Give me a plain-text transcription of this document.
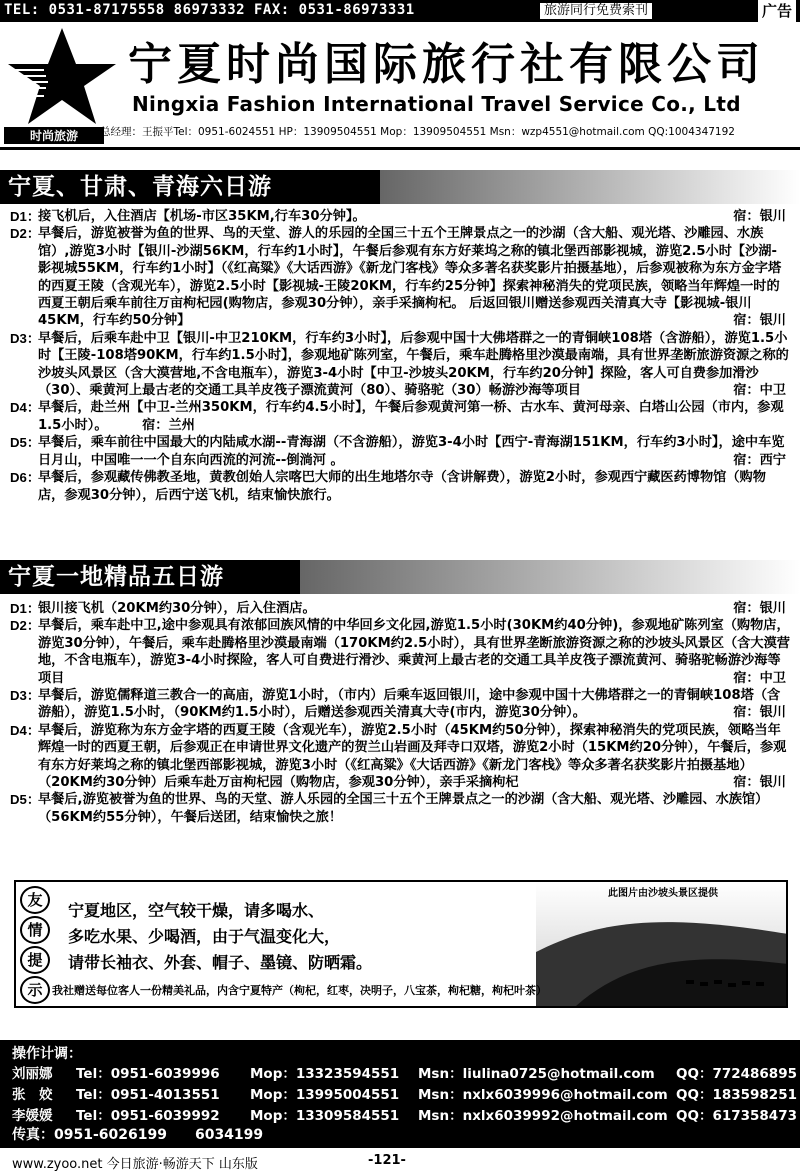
TEL: 0531-87175558 86973332 FAX: 0531-86973331	旅游同行免费索刊	广告
时尚旅游
宁夏时尚国际旅行社有限公司
Ningxia Fashion International Travel Service Co., Ltd
总经理：王振平Tel：0951-6024551 HP：13909504551 Mop：13909504551 Msn：wzp4551@hotmail.com QQ:1004347192
宁夏、甘肃、青海六日游
D1：
接飞机后，入住酒店【机场-市区35KM,行车30分钟】。	宿：银川
D2：
早餐后，游览被誉为鱼的世界、鸟的天堂、游人的乐园的全国三十五个王牌景点之一的沙湖（含大船、观光塔、沙雕园、水族馆）,游览3小时【银川-沙湖56KM，行车约1小时】，午餐后参观有东方好莱坞之称的镇北堡西部影视城，游览2.5小时【沙湖-影视城55KM，行车约1小时】（《红高粱》《大话西游》《新龙门客栈》等众多著名获奖影片拍摄基地），后参观被称为东方金字塔的西夏王陵（含观光车），游览2.5小时【影视城-王陵20KM，行车约25分钟】探索神秘消失的党项民族，领略当年辉煌一时的西夏王朝后乘车前往万亩枸杞园(购物店，参观30分钟），亲手采摘枸杞。 后返回银川赠送参观西关清真大寺【影视城-银川45KM，行车约50分钟】	宿：银川
D3：
早餐后，后乘车赴中卫【银川-中卫210KM，行车约3小时】，后参观中国十大佛塔群之一的青铜峡108塔（含游船），游览1.5小时【王陵-108塔90KM，行车约1.5小时】，参观地矿陈列室，午餐后，乘车赴腾格里沙漠最南端，具有世界垄断旅游资源之称的沙坡头风景区（含大漠营地,不含电瓶车），游览3-4小时【中卫-沙坡头20KM，行车约20分钟】探险，客人可自费参加滑沙（30）、乘黄河上最古老的交通工具羊皮筏子漂流黄河（80）、骑骆驼（30）畅游沙海等项目	宿：中卫
D4：
早餐后，赴兰州【中卫-兰州350KM，行车约4.5小时】，午餐后参观黄河第一桥、古水车、黄河母亲、白塔山公园（市内，参观1.5小时）。	宿：兰州
D5：
早餐后，乘车前往中国最大的内陆咸水湖--青海湖（不含游船），游览3-4小时【西宁-青海湖151KM，行车约3小时】，途中车览日月山，中国唯一一个自东向西流的河流--倒淌河 。	宿：西宁
D6：
早餐后，参观藏传佛教圣地，黄教创始人宗喀巴大师的出生地塔尔寺（含讲解费），游览2小时，参观西宁藏医药博物馆（购物店，参观30分钟），后西宁送飞机，结束愉快旅行。
宁夏一地精品五日游
D1：
银川接飞机（20KM约30分钟），后入住酒店。	宿：银川
D2：
早餐后，乘车赴中卫,途中参观具有浓郁回族风情的中华回乡文化园,游览1.5小时(30KM约40分钟)，参观地矿陈列室（购物店，游览30分钟），午餐后，乘车赴腾格里沙漠最南端（170KM约2.5小时），具有世界垄断旅游资源之称的沙坡头风景区（含大漠营地，不含电瓶车），游览3-4小时探险，客人可自费进行滑沙、乘黄河上最古老的交通工具羊皮筏子漂流黄河、骑骆驼畅游沙海等项目	宿：中卫
D3：
早餐后，游览儒释道三教合一的高庙，游览1小时，（市内）后乘车返回银川，途中参观中国十大佛塔群之一的青铜峡108塔（含游船），游览1.5小时，（90KM约1.5小时），后赠送参观西关清真大寺(市内，游览30分钟）。	宿：银川
D4：
早餐后，游览称为东方金字塔的西夏王陵（含观光车），游览2.5小时（45KM约50分钟），探索神秘消失的党项民族，领略当年辉煌一时的西夏王朝，后参观正在申请世界文化遗产的贺兰山岩画及拜寺口双塔，游览2小时（15KM约20分钟），午餐后，参观有东方好莱坞之称的镇北堡西部影视城，游览3小时（《红高粱》《大话西游》《新龙门客栈》等众多著名获奖影片拍摄基地）（20KM约30分钟）后乘车赴万亩枸杞园（购物店，参观30分钟），亲手采摘枸杞	宿：银川
D5：
早餐后,游览被誉为鱼的世界、鸟的天堂、游人乐园的全国三十五个王牌景点之一的沙湖（含大船、观光塔、沙雕园、水族馆）（56KM约55分钟），午餐后送团，结束愉快之旅！
此图片由沙坡头景区提供
友
情
提
示
宁夏地区，空气较干燥，请多喝水、
多吃水果、少喝酒，由于气温变化大，
请带长袖衣、外套、帽子、墨镜、防晒霜。
我社赠送每位客人一份精美礼品，内含宁夏特产（枸杞，红枣，决明子，八宝茶，枸杞糖，枸杞叶茶）
操作计调：
刘丽娜 Tel：0951-6039996 Mop：13323594551 Msn：liulina0725@hotmail.com QQ：772486895
张　姣 Tel：0951-4013551 Mop：13995004551 Msn：nxlx6039996@hotmail.com QQ：183598251
李媛媛 Tel：0951-6039992 Mop：13309584551 Msn：nxlx6039992@hotmail.com QQ：617358473
传真：0951-6026199　　6034199
www.zyoo.net 今日旅游·畅游天下 山东版	-121-
